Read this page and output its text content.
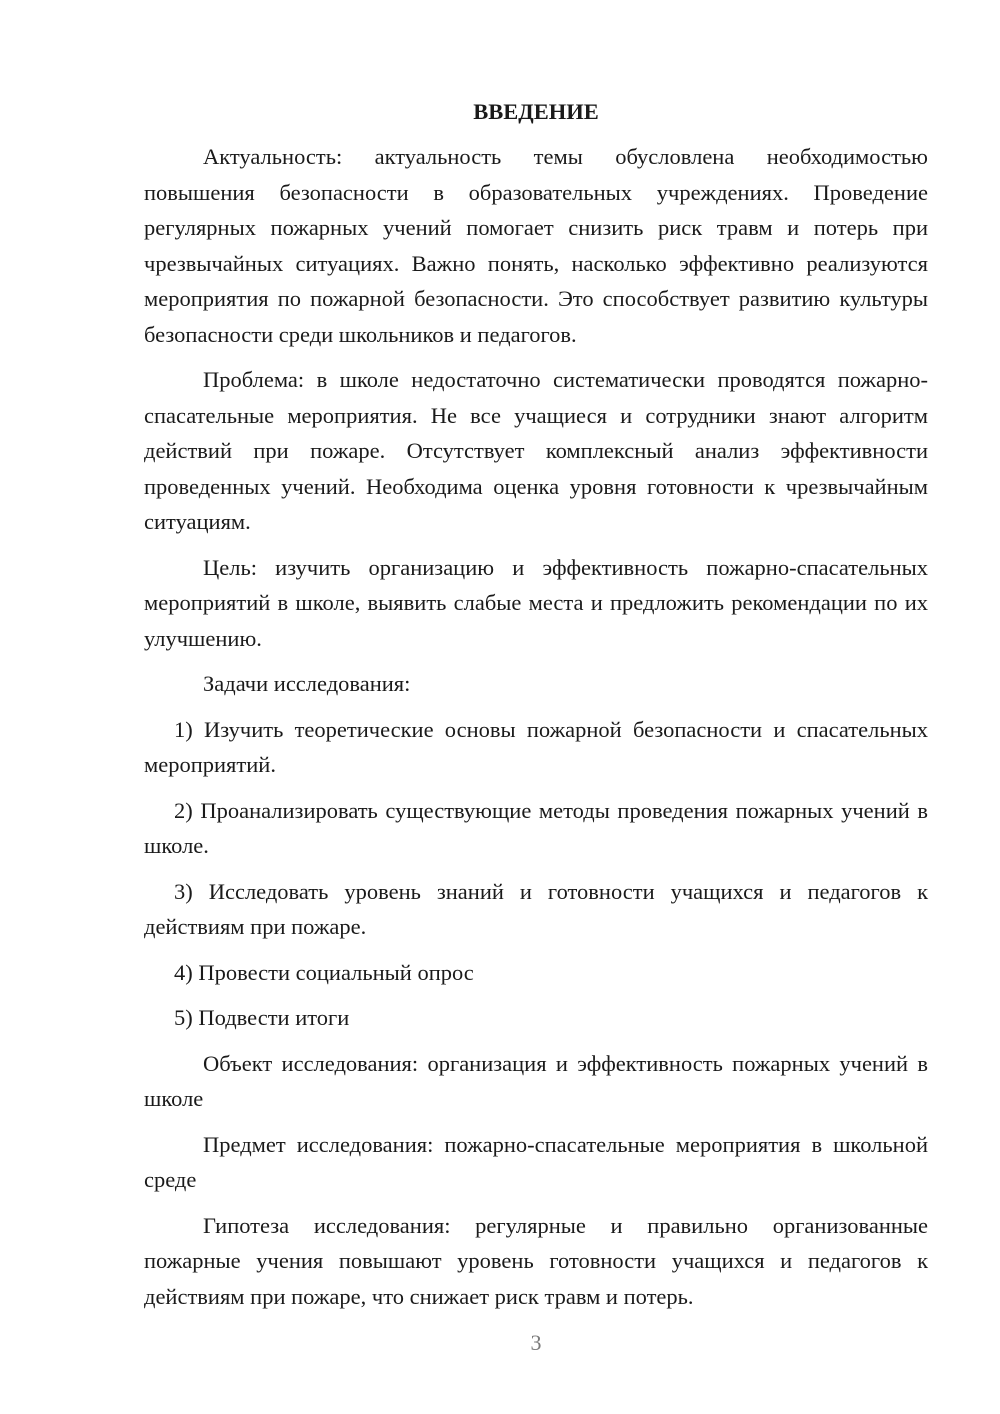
ВВЕДЕНИЕ

Актуальность: актуальность темы обусловлена необходимостью повышения безопасности в образовательных учреждениях. Проведение регулярных пожарных учений помогает снизить риск травм и потерь при чрезвычайных ситуациях. Важно понять, насколько эффективно реализуются мероприятия по пожарной безопасности. Это способствует развитию культуры безопасности среди школьников и педагогов.

Проблема: в школе недостаточно систематически проводятся пожарно-спасательные мероприятия. Не все учащиеся и сотрудники знают алгоритм действий при пожаре. Отсутствует комплексный анализ эффективности проведенных учений. Необходима оценка уровня готовности к чрезвычайным ситуациям.

Цель: изучить организацию и эффективность пожарно-спасательных мероприятий в школе, выявить слабые места и предложить рекомендации по их улучшению.

Задачи исследования:

1) Изучить теоретические основы пожарной безопасности и спасательных мероприятий.

2) Проанализировать существующие методы проведения пожарных учений в школе.

3) Исследовать уровень знаний и готовности учащихся и педагогов к действиям при пожаре.

4) Провести социальный опрос

5) Подвести итоги

Объект исследования: организация и эффективность пожарных учений в школе

Предмет исследования: пожарно-спасательные мероприятия в школьной среде

Гипотеза исследования: регулярные и правильно организованные пожарные учения повышают уровень готовности учащихся и педагогов к действиям при пожаре, что снижает риск травм и потерь.

3
